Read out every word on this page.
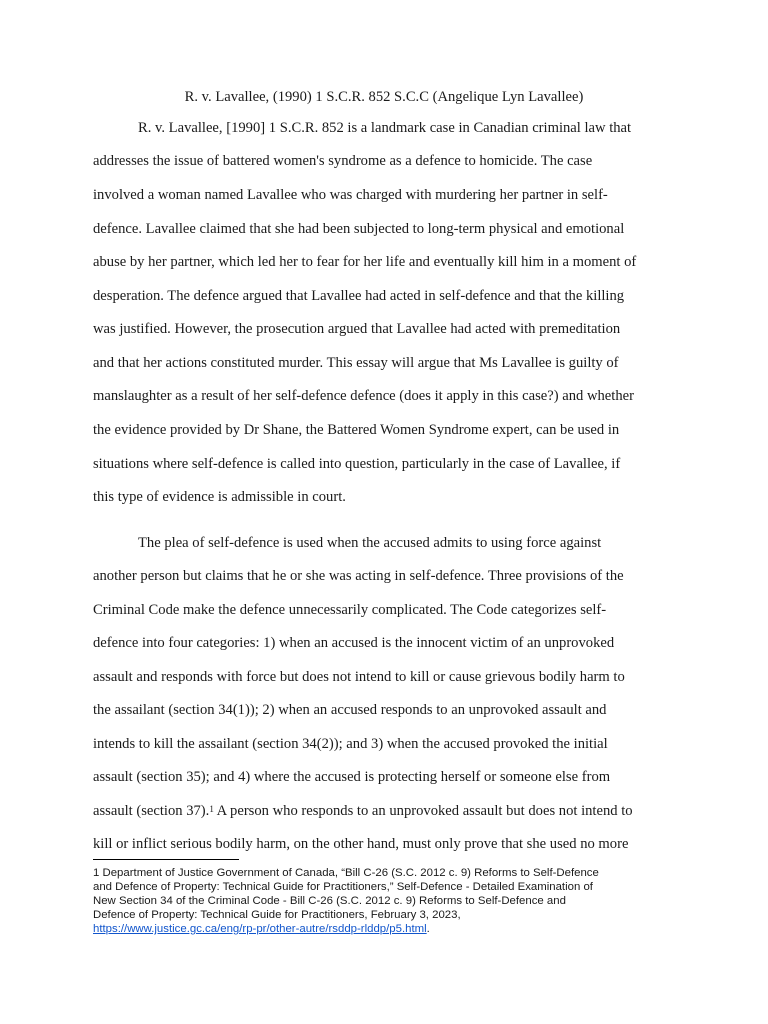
R. v. Lavallee, (1990) 1 S.C.R. 852 S.C.C (Angelique Lyn Lavallee)
R. v. Lavallee, [1990] 1 S.C.R. 852 is a landmark case in Canadian criminal law that
addresses the issue of battered women's syndrome as a defence to homicide. The case
involved a woman named Lavallee who was charged with murdering her partner in self-
defence. Lavallee claimed that she had been subjected to long-term physical and emotional
abuse by her partner, which led her to fear for her life and eventually kill him in a moment of
desperation. The defence argued that Lavallee had acted in self-defence and that the killing
was justified. However, the prosecution argued that Lavallee had acted with premeditation
and that her actions constituted murder. This essay will argue that Ms Lavallee is guilty of
manslaughter as a result of her self-defence defence (does it apply in this case?) and whether
the evidence provided by Dr Shane, the Battered Women Syndrome expert, can be used in
situations where self-defence is called into question, particularly in the case of Lavallee, if
this type of evidence is admissible in court.
The plea of self-defence is used when the accused admits to using force against
another person but claims that he or she was acting in self-defence. Three provisions of the
Criminal Code make the defence unnecessarily complicated. The Code categorizes self-
defence into four categories: 1) when an accused is the innocent victim of an unprovoked
assault and responds with force but does not intend to kill or cause grievous bodily harm to
the assailant (section 34(1)); 2) when an accused responds to an unprovoked assault and
intends to kill the assailant (section 34(2)); and 3) when the accused provoked the initial
assault (section 35); and 4) where the accused is protecting herself or someone else from
assault (section 37).$^1$ A person who responds to an unprovoked assault but does not intend to
kill or inflict serious bodily harm, on the other hand, must only prove that she used no more
1 Department of Justice Government of Canada, “Bill C-26 (S.C. 2012 c. 9) Reforms to Self-Defence
and Defence of Property: Technical Guide for Practitioners,” Self-Defence - Detailed Examination of
New Section 34 of the Criminal Code - Bill C-26 (S.C. 2012 c. 9) Reforms to Self-Defence and
Defence of Property: Technical Guide for Practitioners, February 3, 2023,
https://www.justice.gc.ca/eng/rp-pr/other-autre/rsddp-rlddp/p5.html.
